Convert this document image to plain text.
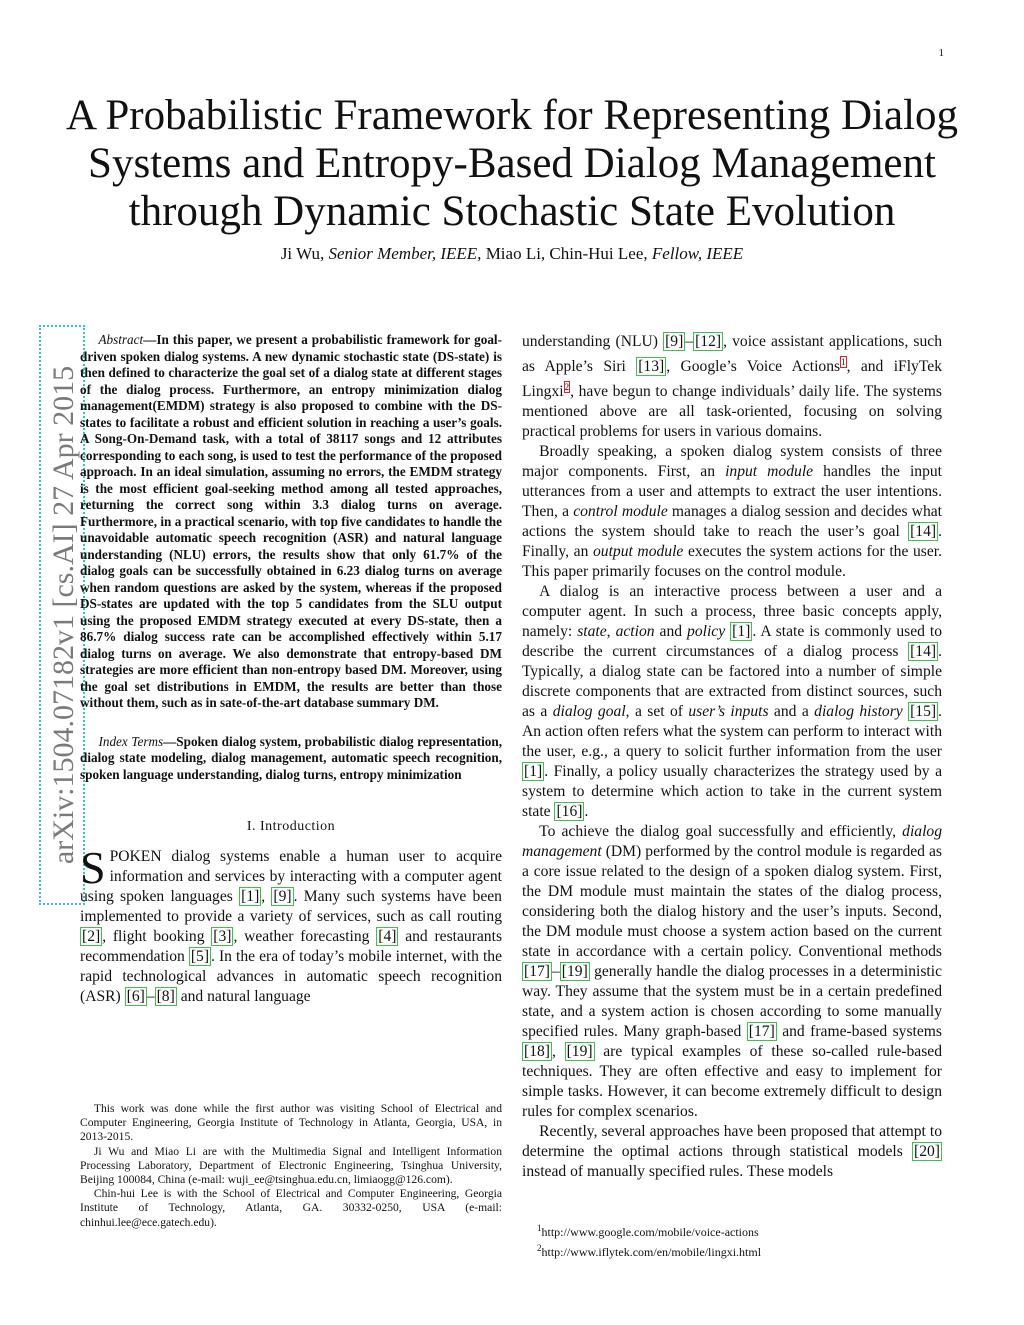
1
arXiv:1504.07182v1 [cs.AI] 27 Apr 2015
A Probabilistic Framework for Representing Dialog
Systems and Entropy-Based Dialog Management
through Dynamic Stochastic State Evolution
Ji Wu, Senior Member, IEEE, Miao Li, Chin-Hui Lee, Fellow, IEEE

Abstract—In this paper, we present a probabilistic framework for goal-driven spoken dialog systems. A new dynamic stochastic state (DS-state) is then defined to characterize the goal set of a dialog state at different stages of the dialog process. Furthermore, an entropy minimization dialog management(EMDM) strategy is also proposed to combine with the DS-states to facilitate a robust and efficient solution in reaching a user’s goals. A Song-On-Demand task, with a total of 38117 songs and 12 attributes corresponding to each song, is used to test the performance of the proposed approach. In an ideal simulation, assuming no errors, the EMDM strategy is the most efficient goal-seeking method among all tested approaches, returning the correct song within 3.3 dialog turns on average. Furthermore, in a practical scenario, with top five candidates to handle the unavoidable automatic speech recognition (ASR) and natural language understanding (NLU) errors, the results show that only 61.7% of the dialog goals can be successfully obtained in 6.23 dialog turns on average when random questions are asked by the system, whereas if the proposed DS-states are updated with the top 5 candidates from the SLU output using the proposed EMDM strategy executed at every DS-state, then a 86.7% dialog success rate can be accomplished effectively within 5.17 dialog turns on average. We also demonstrate that entropy-based DM strategies are more efficient than non-entropy based DM. Moreover, using the goal set distributions in EMDM, the results are better than those without them, such as in sate-of-the-art database summary DM.

Index Terms—Spoken dialog system, probabilistic dialog representation, dialog state modeling, dialog management, automatic speech recognition, spoken language understanding, dialog turns, entropy minimization

I. Introduction

SPOKEN dialog systems enable a human user to acquire information and services by interacting with a computer agent using spoken languages [1] , [9] . Many such systems have been implemented to provide a variety of services, such as call routing [2] , flight booking [3] , weather forecasting [4] and restaurants recommendation [5] . In the era of today’s mobile internet, with the rapid technological advances in automatic speech recognition (ASR) [6] – [8] and natural language

This work was done while the first author was visiting School of Electrical and Computer Engineering, Georgia Institute of Technology in Atlanta, Georgia, USA, in 2013-2015.

Ji Wu and Miao Li are with the Multimedia Signal and Intelligent Information Processing Laboratory, Department of Electronic Engineering, Tsinghua University, Beijing 100084, China (e-mail: wuji_ee@tsinghua.edu.cn, limiaogg@126.com).

Chin-hui Lee is with the School of Electrical and Computer Engineering, Georgia Institute of Technology, Atlanta, GA. 30332-0250, USA (e-mail: chinhui.lee@ece.gatech.edu).

understanding (NLU) [9] – [12] , voice assistant applications, such as Apple’s Siri [13] , Google’s Voice Actions$^1$, and iFlyTek Lingxi$^2$, have begun to change individuals’ daily life. The systems mentioned above are all task-oriented, focusing on solving practical problems for users in various domains.

Broadly speaking, a spoken dialog system consists of three major components. First, an input module handles the input utterances from a user and attempts to extract the user intentions. Then, a control module manages a dialog session and decides what actions the system should take to reach the user’s goal [14] . Finally, an output module executes the system actions for the user. This paper primarily focuses on the control module.

A dialog is an interactive process between a user and a computer agent. In such a process, three basic concepts apply, namely: state, action and policy [1] . A state is commonly used to describe the current circumstances of a dialog process [14] . Typically, a dialog state can be factored into a number of simple discrete components that are extracted from distinct sources, such as a dialog goal, a set of user’s inputs and a dialog history [15] . An action often refers what the system can perform to interact with the user, e.g., a query to solicit further information from the user [1] . Finally, a policy usually characterizes the strategy used by a system to determine which action to take in the current system state [16] .

To achieve the dialog goal successfully and efficiently, dialog management (DM) performed by the control module is regarded as a core issue related to the design of a spoken dialog system. First, the DM module must maintain the states of the dialog process, considering both the dialog history and the user’s inputs. Second, the DM module must choose a system action based on the current state in accordance with a certain policy. Conventional methods [17] – [19] generally handle the dialog processes in a deterministic way. They assume that the system must be in a certain predefined state, and a system action is chosen according to some manually specified rules. Many graph-based [17] and frame-based systems [18] , [19] are typical examples of these so-called rule-based techniques. They are often effective and easy to implement for simple tasks. However, it can become extremely difficult to design rules for complex scenarios.

Recently, several approaches have been proposed that attempt to determine the optimal actions through statistical models [20] instead of manually specified rules. These models

$^1$http://www.google.com/mobile/voice-actions
$^2$http://www.iflytek.com/en/mobile/lingxi.html
